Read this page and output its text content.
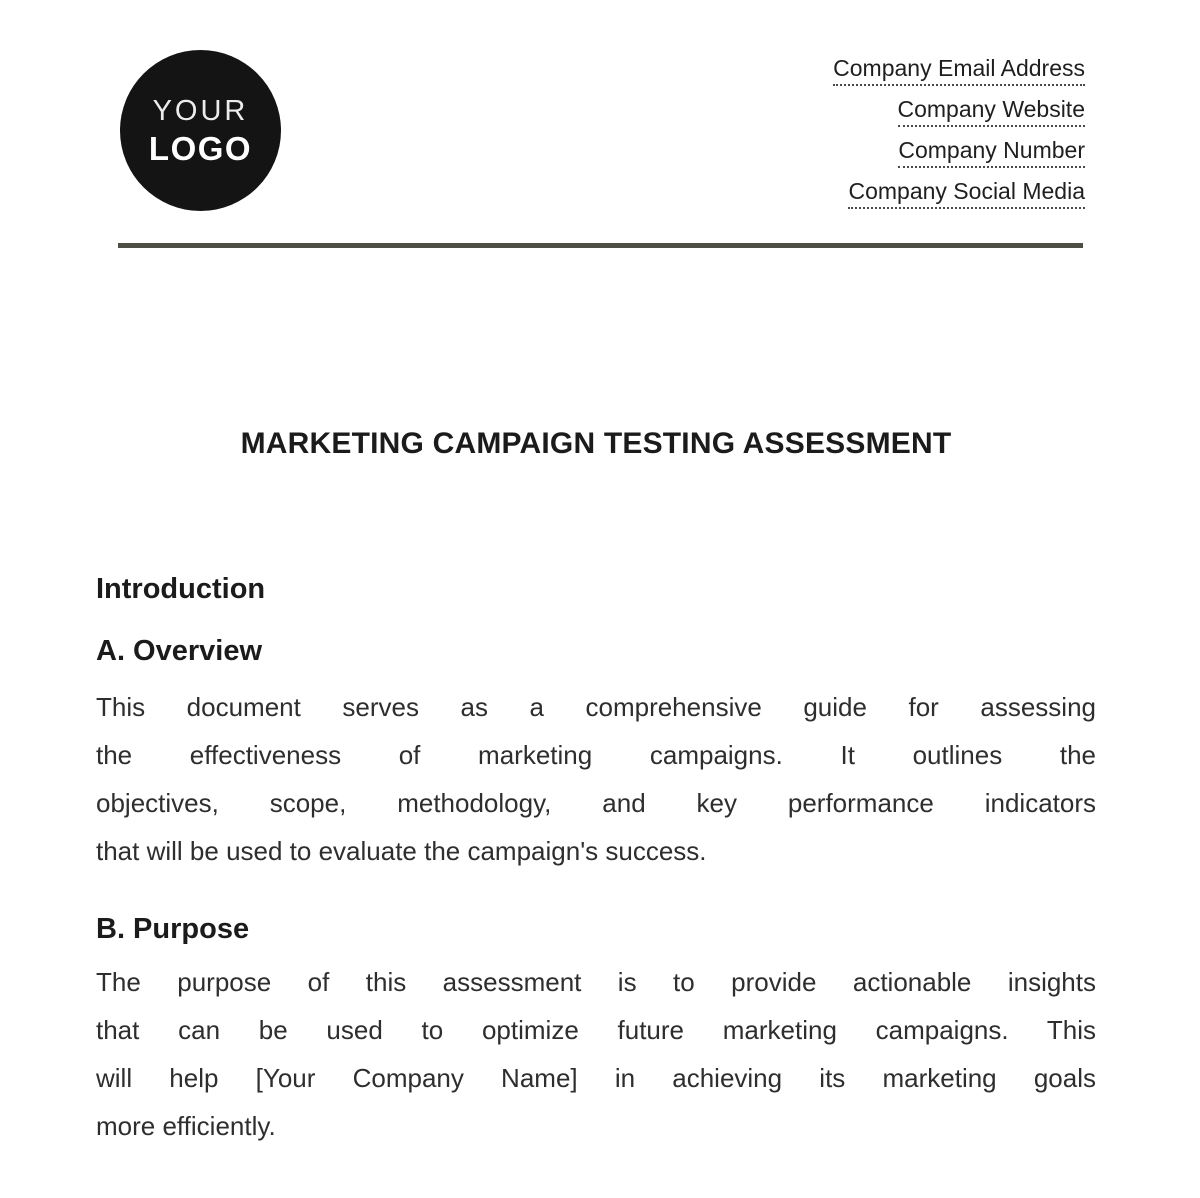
YOUR
LOGO
Company Email Address
Company Website
Company Number
Company Social Media
MARKETING CAMPAIGN TESTING ASSESSMENT
Introduction
A. Overview
This document serves as a comprehensive guide for assessing
the effectiveness of marketing campaigns. It outlines the
objectives, scope, methodology, and key performance indicators
that will be used to evaluate the campaign's success.
B. Purpose
The purpose of this assessment is to provide actionable insights
that can be used to optimize future marketing campaigns. This
will help [Your Company Name] in achieving its marketing goals
more efficiently.
